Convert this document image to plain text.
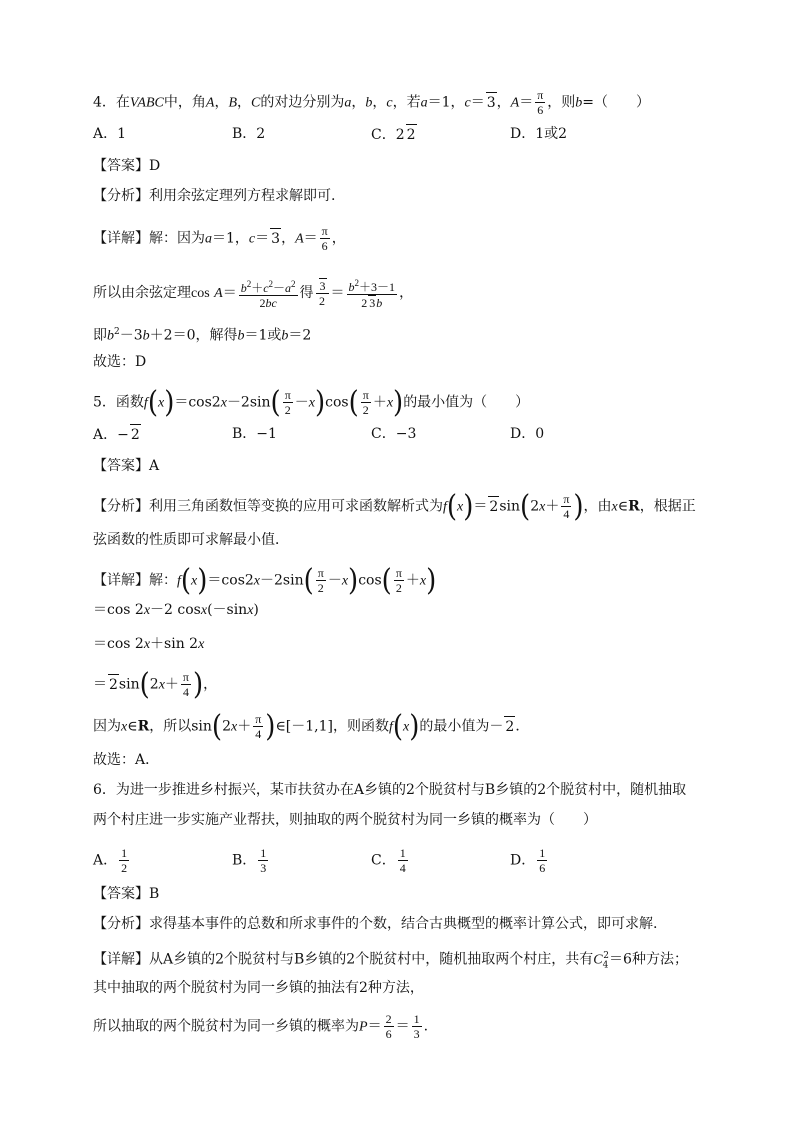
4．在VABC中，角A，B，C的对边分别为a，b，c，若a＝1，c＝ 3，$A= \frac{\pi}{6}$ ，则b=（　　）
A．1	B．2	C．2 2	D．1或2
【答案】D
【分析】利用余弦定理列方程求解即可.
【详解】解：因为a＝1，c＝ 3，$A= \frac{\pi}{6}$ ，
所以由余弦定理$\cos A= \frac{b^2+c^2-a^2}{2bc}$ 得 $\frac{3}{2} = \frac{b^2+3-1}{2 3b}$ ，
即$b^2-3b+2=0$，解得b＝1或b＝2
故选：D
5．函数$f(x)=\cos 2x-2\sin( \frac{\pi}{2} -x)\cos( \frac{\pi}{2} +x)$的最小值为（　　）
A．− 2	B．−1	C．−3	D．0
【答案】A
【分析】利用三角函数恒等变换的应用可求函数解析式为$f(x)= 2\sin(2x+ \frac{\pi}{4}$ )，由x∈R，根据正
弦函数的性质即可求解最小值．
【详解】解：$f(x)=\cos 2x-2\sin( \frac{\pi}{2} -x)\cos( \frac{\pi}{2} +x)$
＝cos 2x－2 cosx(－sinx)
＝cos 2x＋sin 2x
＝ $2\sin(2x+ \frac{\pi}{4}$ )，
因为x∈R，所以$\sin(2x+ \frac{\pi}{4}$ )∈[－1,1]，则函数f(x)的最小值为－ 2．
故选：A．
6．为进一步推进乡村振兴，某市扶贫办在A乡镇的2个脱贫村与B乡镇的2个脱贫村中，随机抽取
两个村庄进一步实施产业帮扶，则抽取的两个脱贫村为同一乡镇的概率为（　　）
A． $\frac{1}{2}$	B． $\frac{1}{3}$	C． $\frac{1}{4}$	D． $\frac{1}{6}$
【答案】B
【分析】求得基本事件的总数和所求事件的个数，结合古典概型的概率计算公式，即可求解.
【详解】从A乡镇的2个脱贫村与B乡镇的2个脱贫村中，随机抽取两个村庄，共有$C_4^2=6$种方法；
其中抽取的两个脱贫村为同一乡镇的抽法有2种方法，
所以抽取的两个脱贫村为同一乡镇的概率为$P= \frac{2}{6} = \frac{1}{3}$ .
